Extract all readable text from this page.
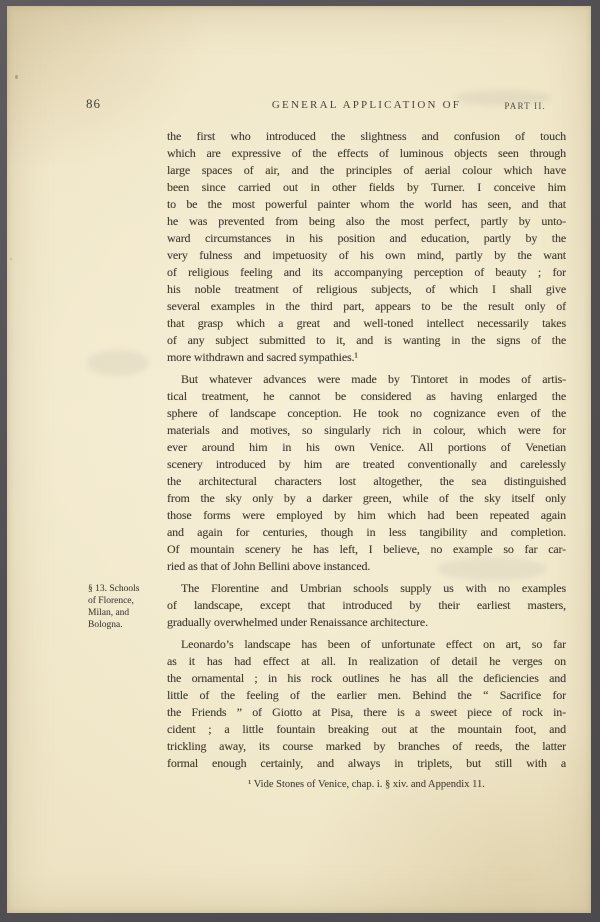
86	GENERAL APPLICATION OF	PART II.
§ 13. Schools
of Florence,
Milan, and
Bologna.
the first who introduced the slightness and confusion of touch
which are expressive of the effects of luminous objects seen through
large spaces of air, and the principles of aerial colour which have
been since carried out in other fields by Turner. I conceive him
to be the most powerful painter whom the world has seen, and that
he was prevented from being also the most perfect, partly by unto-
ward circumstances in his position and education, partly by the
very fulness and impetuosity of his own mind, partly by the want
of religious feeling and its accompanying perception of beauty ; for
his noble treatment of religious subjects, of which I shall give
several examples in the third part, appears to be the result only of
that grasp which a great and well-toned intellect necessarily takes
of any subject submitted to it, and is wanting in the signs of the
more withdrawn and sacred sympathies.¹
But whatever advances were made by Tintoret in modes of artis-
tical treatment, he cannot be considered as having enlarged the
sphere of landscape conception. He took no cognizance even of the
materials and motives, so singularly rich in colour, which were for
ever around him in his own Venice. All portions of Venetian
scenery introduced by him are treated conventionally and carelessly
the architectural characters lost altogether, the sea distinguished
from the sky only by a darker green, while of the sky itself only
those forms were employed by him which had been repeated again
and again for centuries, though in less tangibility and completion.
Of mountain scenery he has left, I believe, no example so far car-
ried as that of John Bellini above instanced.
The Florentine and Umbrian schools supply us with no examples
of landscape, except that introduced by their earliest masters,
gradually overwhelmed under Renaissance architecture.
Leonardo’s landscape has been of unfortunate effect on art, so far
as it has had effect at all. In realization of detail he verges on
the ornamental ; in his rock outlines he has all the deficiencies and
little of the feeling of the earlier men. Behind the “ Sacrifice for
the Friends ” of Giotto at Pisa, there is a sweet piece of rock in-
cident ; a little fountain breaking out at the mountain foot, and
trickling away, its course marked by branches of reeds, the latter
formal enough certainly, and always in triplets, but still with a
¹ Vide Stones of Venice, chap. i. § xiv. and Appendix 11.
